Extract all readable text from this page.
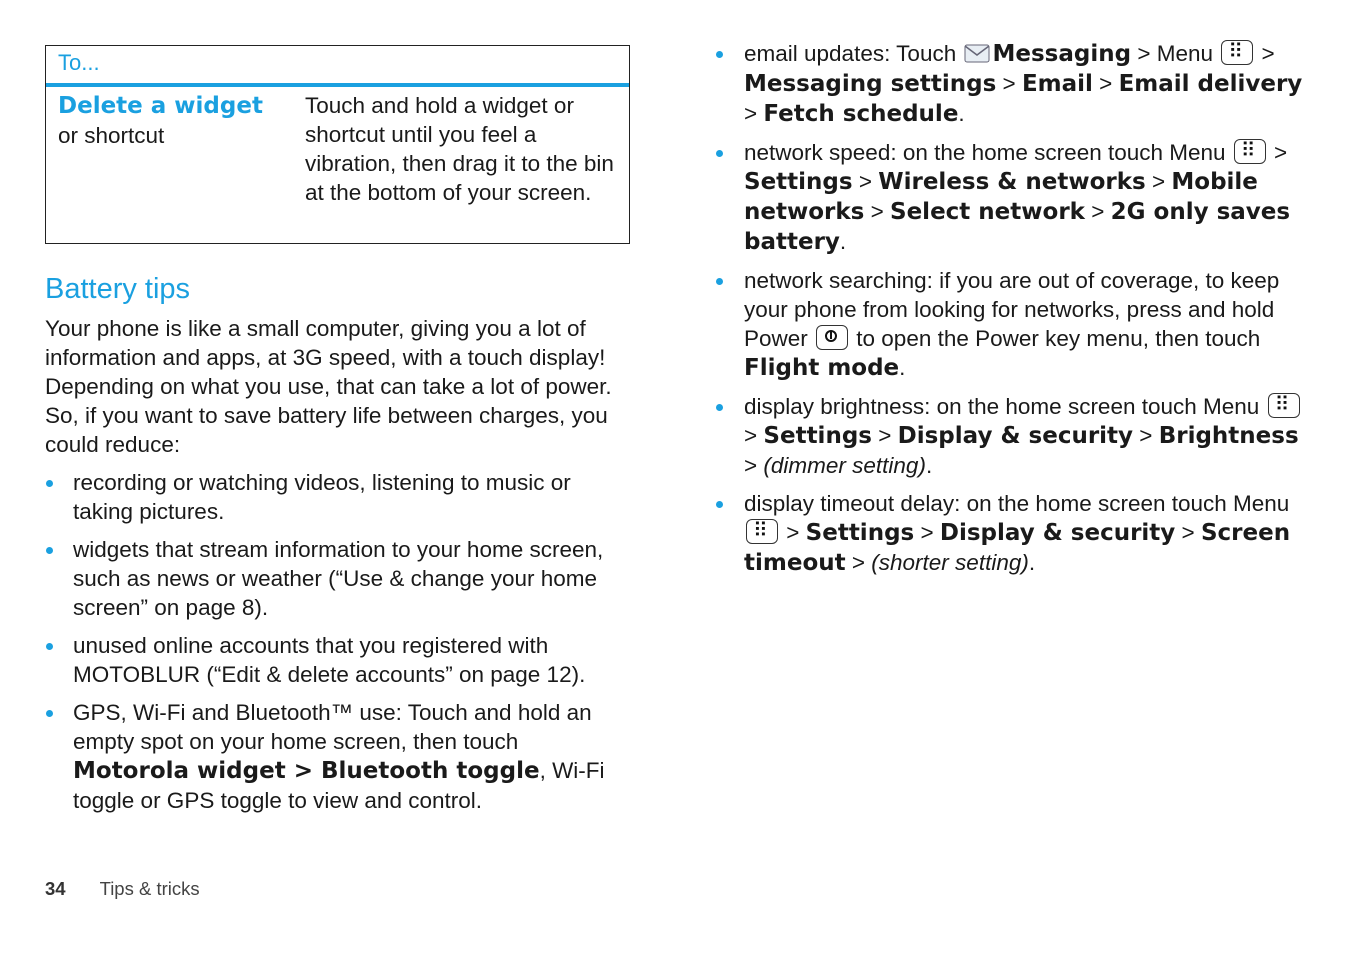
To...
Delete a widget or shortcut
Touch and hold a widget or shortcut until you feel a vibration, then drag it to the bin at the bottom of your screen.
Battery tips

Your phone is like a small computer, giving you a lot of information and apps, at 3G speed, with a touch display! Depending on what you use, that can take a lot of power. So, if you want to save battery life between charges, you could reduce:

recording or watching videos, listening to music or taking pictures.
widgets that stream information to your home screen, such as news or weather (“Use & change your home screen” on page 8).
unused online accounts that you registered with MOTOBLUR (“Edit & delete accounts” on page 12).
GPS, Wi-Fi and Bluetooth™ use: Touch and hold an empty spot on your home screen, then touch Motorola widget > Bluetooth toggle, Wi-Fi toggle or GPS toggle to view and control.
email updates: Touch Messaging > Menu ⠿ > Messaging settings > Email > Email delivery > Fetch schedule.
network speed: on the home screen touch Menu ⠿ > Settings > Wireless & networks > Mobile networks > Select network > 2G only saves battery.
network searching: if you are out of coverage, to keep your phone from looking for networks, press and hold Power  to open the Power key menu, then touch Flight mode.
display brightness: on the home screen touch Menu ⠿ > Settings > Display & security > Brightness > (dimmer setting).
display timeout delay: on the home screen touch Menu ⠿ > Settings > Display & security > Screen timeout > (shorter setting).
34 Tips & tricks
